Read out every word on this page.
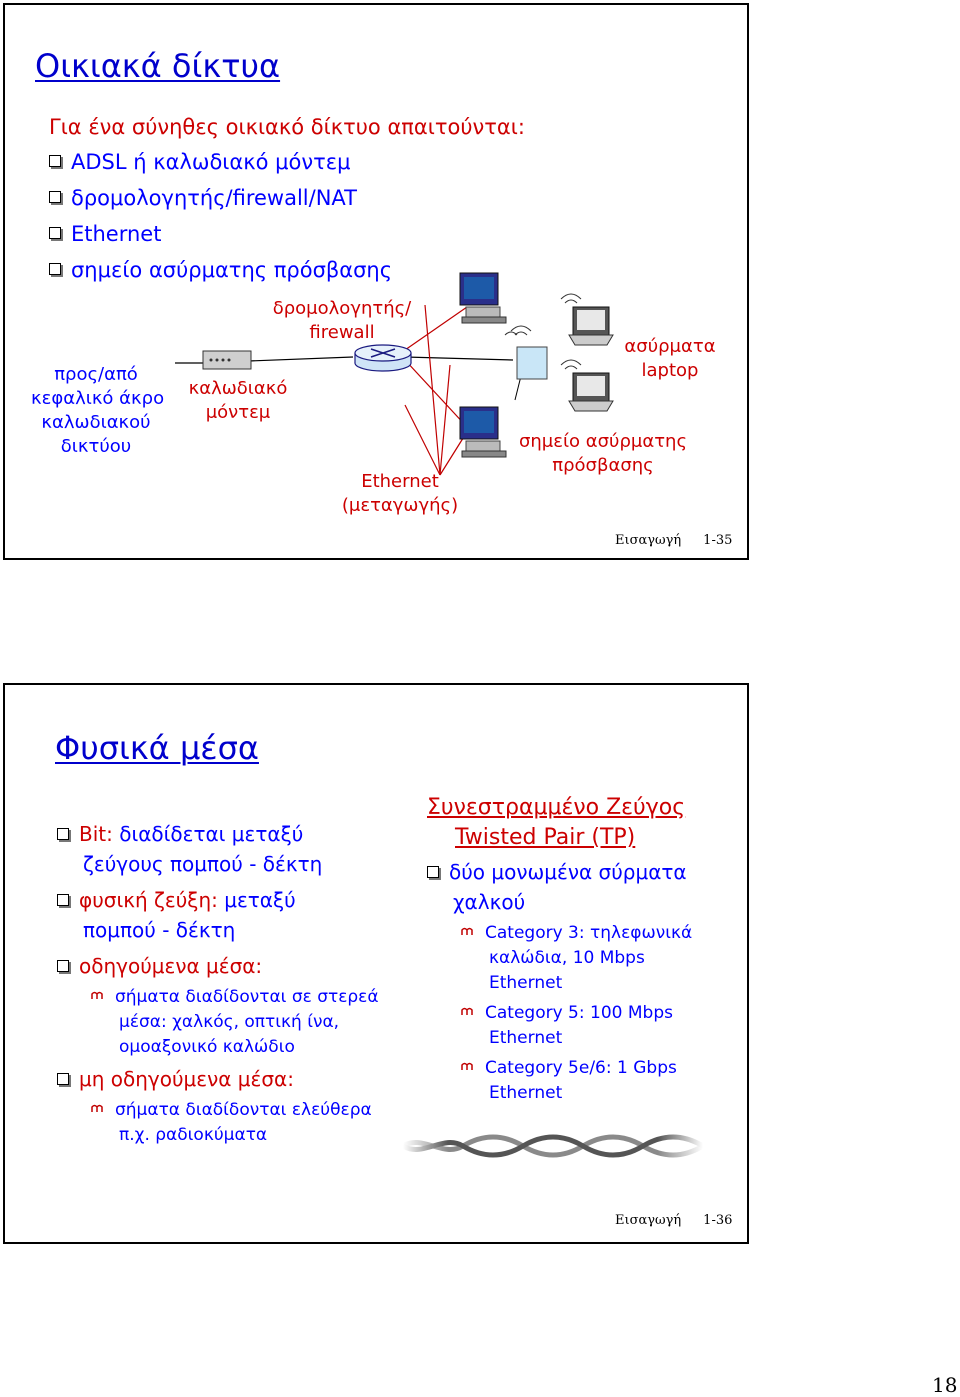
Οικιακά δίκτυα
Για ένα σύνηθες οικιακό δίκτυο απαιτούνται:
ADSL ή καλωδιακό μόντεμ
δρομολογητής/firewall/NAT
Ethernet
σημείο ασύρματης πρόσβασης
προς/από
κεφαλικό άκρο
καλωδιακού
δικτύου
καλωδιακό
μόντεμ
δρομολογητής/
firewall
Ethernet
(μεταγωγής)
σημείο ασύρματης
πρόσβασης
ασύρματα
laptop
Εισαγωγή 1-35
Φυσικά μέσα
Bit: διαδίδεται μεταξύ
ζεύγους πομπού - δέκτη
φυσική ζεύξη: μεταξύ
πομπού - δέκτη
οδηγούμενα μέσα:
σήματα διαδίδονται σε στερεά
μέσα: χαλκός, οπτική ίνα,
ομοαξονικό καλώδιο
μη οδηγούμενα μέσα:
σήματα διαδίδονται ελεύθερα
π.χ. ραδιοκύματα
Συνεστραμμένο Ζεύγος
Twisted Pair (TP)
δύο μονωμένα σύρματα
χαλκού
Category 3: τηλεφωνικά
καλώδια, 10 Mbps
Ethernet
Category 5: 100 Mbps
Ethernet
Category 5e/6: 1 Gbps
Ethernet
Εισαγωγή 1-36
18
